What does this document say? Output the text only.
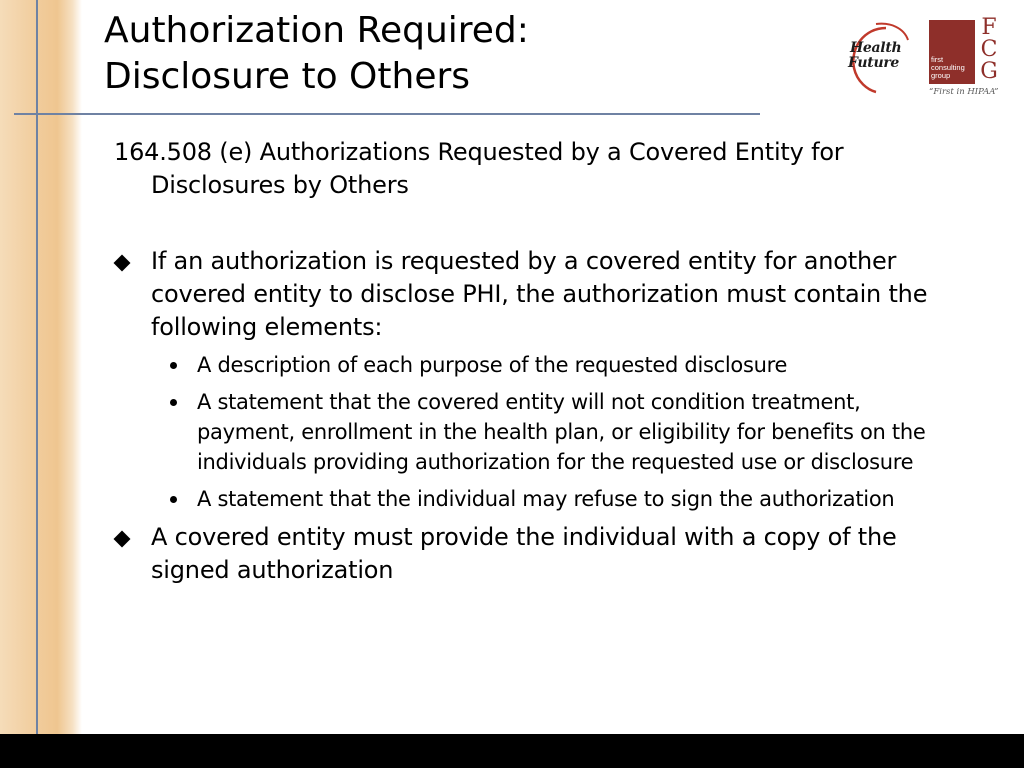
Authorization Required:
Disclosure to Others
Health
Future	first
consulting
group
F
C
G
“First in HIPAA”

164.508 (e) Authorizations Requested by a Covered Entity for Disclosures by Others

If an authorization is requested by a covered entity for another covered entity to disclose PHI, the authorization must contain the following elements:
A description of each purpose of the requested disclosure
A statement that the covered entity will not condition treatment, payment, enrollment in the health plan, or eligibility for benefits on the individuals providing authorization for the requested use or disclosure
A statement that the individual may refuse to sign the authorization
A covered entity must provide the individual with a copy of the signed authorization
